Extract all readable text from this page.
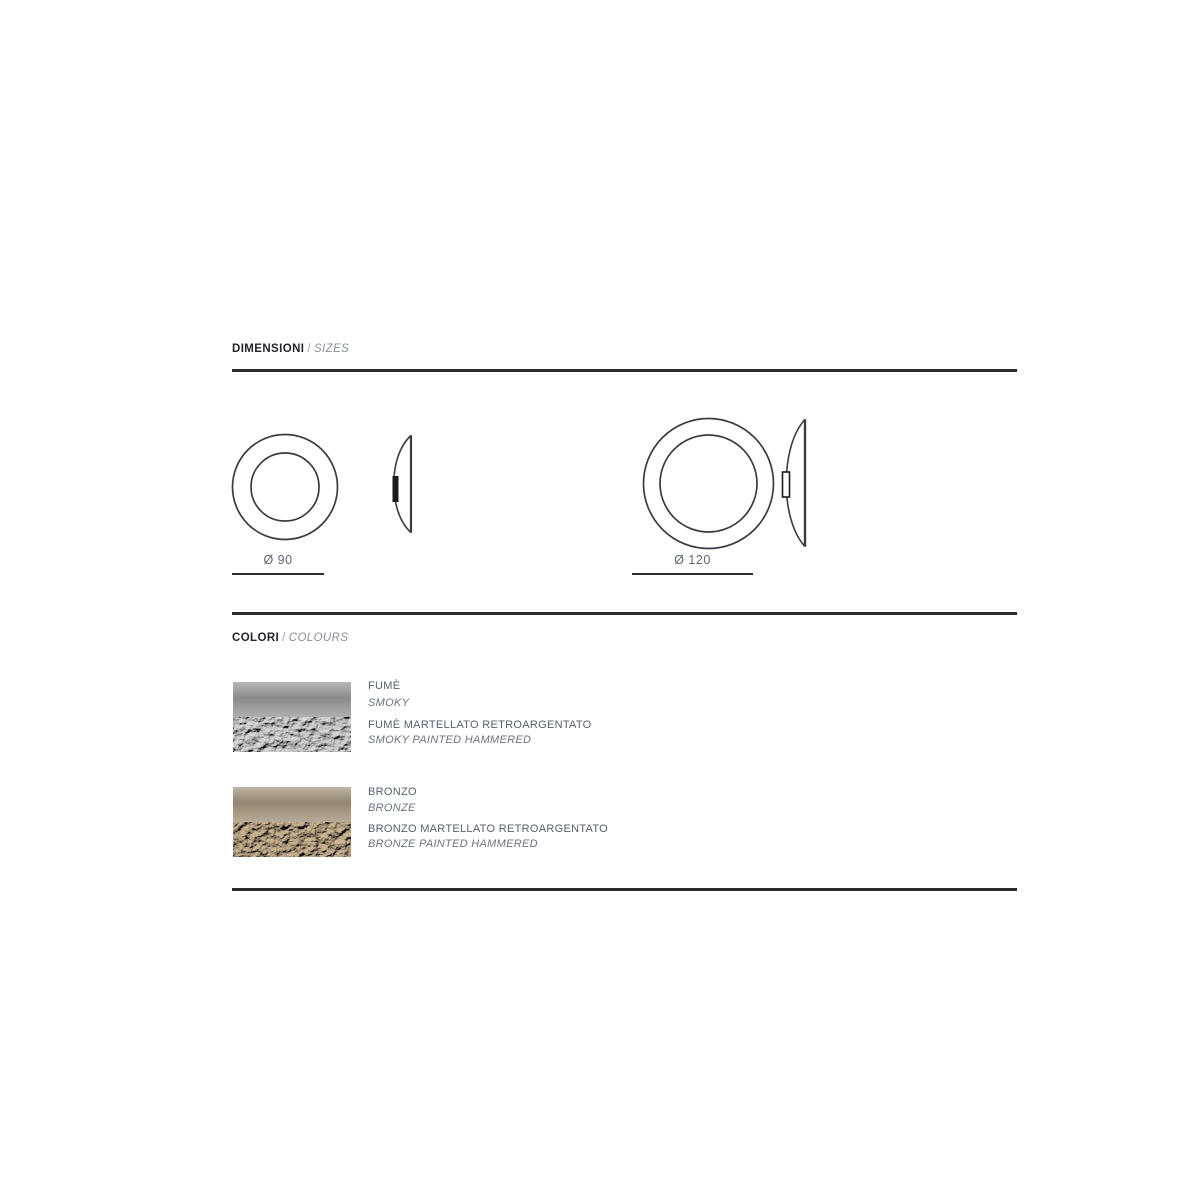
DIMENSIONI / SIZES
Ø 90	Ø 120
COLORI / COLOURS
FUMÈ
SMOKY
FUMÈ MARTELLATO RETROARGENTATO
SMOKY PAINTED HAMMERED
BRONZO
BRONZE
BRONZO MARTELLATO RETROARGENTATO
BRONZE PAINTED HAMMERED
